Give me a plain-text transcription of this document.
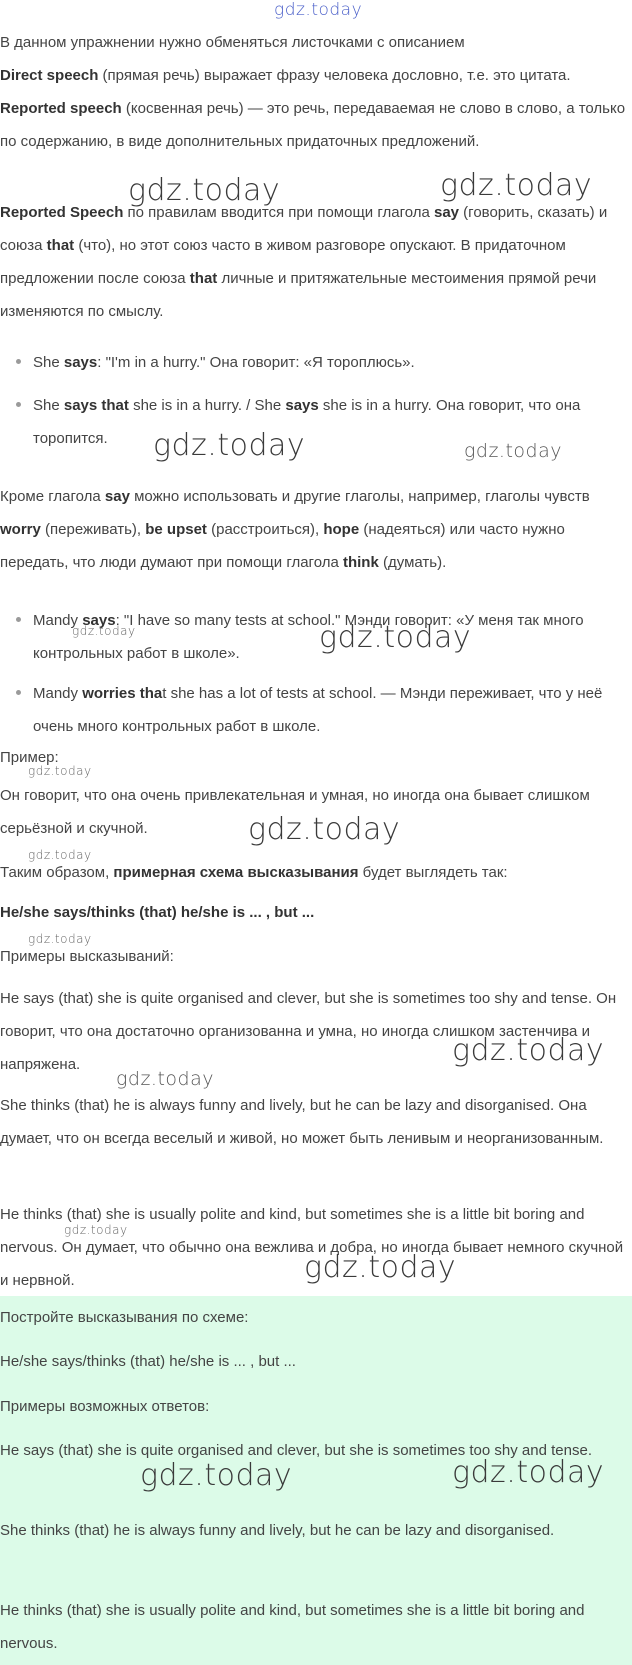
В данном упражнении нужно обменяться листочками с описанием
Direct speech (прямая речь) выражает фразу человека дословно, т.е. это цитата. Reported speech (косвенная речь) — это речь, передаваемая не слово в слово, а только по содержанию, в виде дополнительных придаточных предложений.

Reported Speech по правилам вводится при помощи глагола say (говорить, сказать) и союза that (что), но этот союз часто в живом разговоре опускают. В придаточном предложении после союза that личные и притяжательные местоимения прямой речи изменяются по смыслу.

She says: "I'm in a hurry." Она говорит: «Я тороплюсь».

She says that she is in a hurry. / She says she is in a hurry. Она говорит, что она торопится.

Кроме глагола say можно использовать и другие глаголы, например, глаголы чувств worry (переживать), be upset (расстроиться), hope (надеяться) или часто нужно передать, что люди думают при помощи глагола think (думать).

Mandy says: "I have so many tests at school." Мэнди говорит: «У меня так много контрольных работ в школе».

Mandy worries that she has a lot of tests at school. — Мэнди переживает, что у неё очень много контрольных работ в школе.

Пример:

Он говорит, что она очень привлекательная и умная, но иногда она бывает слишком серьёзной и скучной.

Таким образом, примерная схема высказывания будет выглядеть так:

He/she says/thinks (that) he/she is ... , but ...

Примеры высказываний:

He says (that) she is quite organised and clever, but she is sometimes too shy and tense. Он говорит, что она достаточно организованна и умна, но иногда слишком застенчива и напряжена.

She thinks (that) he is always funny and lively, but he can be lazy and disorganised. Она думает, что он всегда веселый и живой, но может быть ленивым и неорганизованным.

He thinks (that) she is usually polite and kind, but sometimes she is a little bit boring and nervous. Он думает, что обычно она вежлива и добра, но иногда бывает немного скучной и нервной.

Постройте высказывания по схеме:

He/she says/thinks (that) he/she is ... , but ...

Примеры возможных ответов:

He says (that) she is quite organised and clever, but she is sometimes too shy and tense.

She thinks (that) he is always funny and lively, but he can be lazy and disorganised.

He thinks (that) she is usually polite and kind, but sometimes she is a little bit boring and nervous.

gdz.today
gdz.today	gdz.today
gdz.today	gdz.today
gdz.today	gdz.today
gdz.today
gdz.today
gdz.today
gdz.today
gdz.today
gdz.today
gdz.today
gdz.today
gdz.today	gdz.today
